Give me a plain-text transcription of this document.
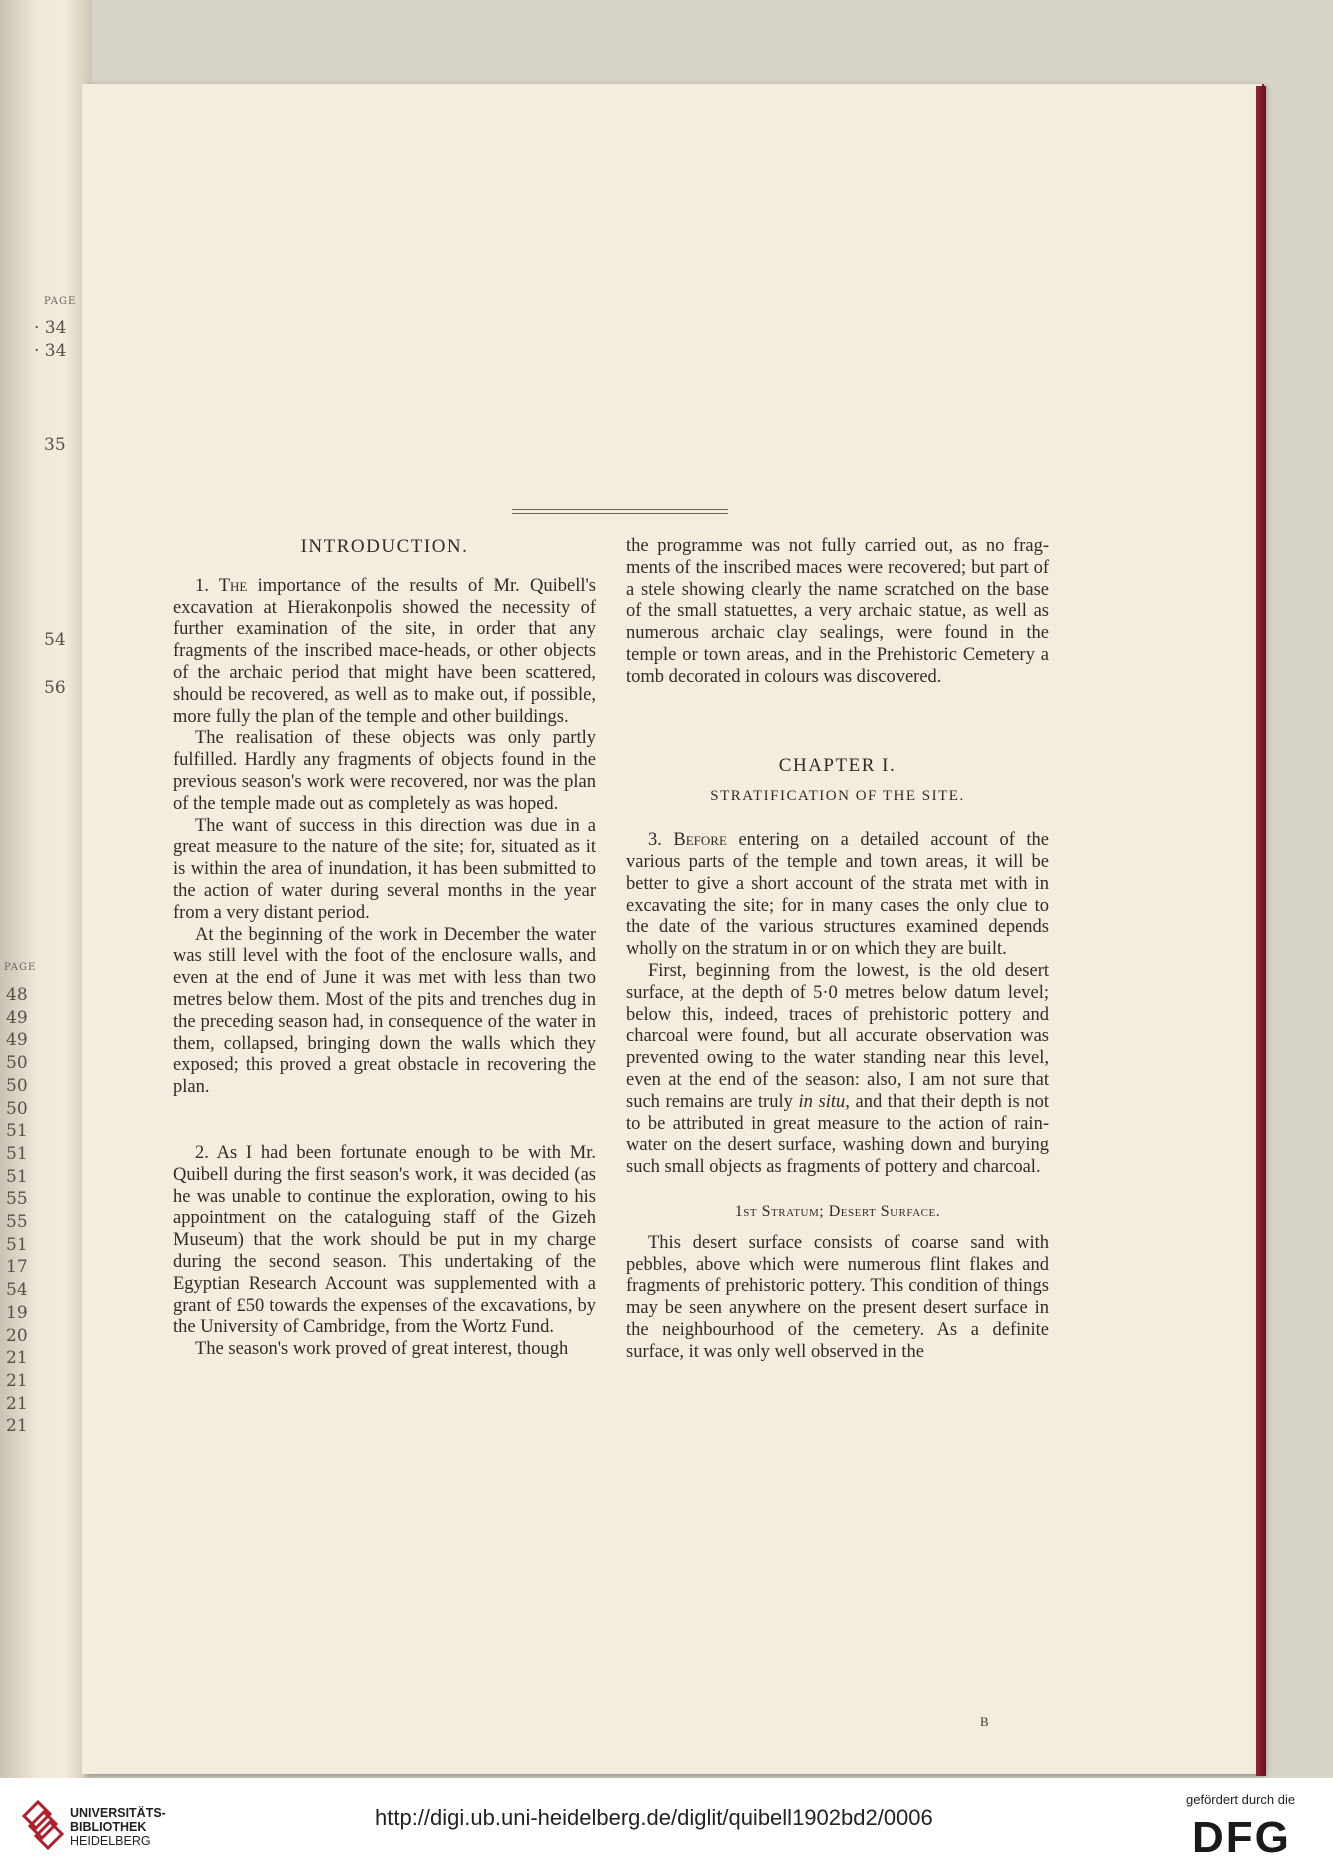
PAGE
· 34
· 34
35
54
56
PAGE
48
49
49
50
50
50
51
51
51
55
55
51
17
54
19
20
21
21
21
21

INTRODUCTION.

1. The importance of the results of Mr. Quibell's excavation at Hierakonpolis showed the necessity of further examination of the site, in order that any fragments of the inscribed mace-heads, or other objects of the archaic period that might have been scattered, should be recovered, as well as to make out, if possible, more fully the plan of the temple and other buildings.

The realisation of these objects was only partly fulfilled. Hardly any fragments of objects found in the previous season's work were recovered, nor was the plan of the temple made out as completely as was hoped.

The want of success in this direction was due in a great measure to the nature of the site; for, situated as it is within the area of inundation, it has been submitted to the action of water during several months in the year from a very distant period.

At the beginning of the work in December the water was still level with the foot of the enclosure walls, and even at the end of June it was met with less than two metres below them. Most of the pits and trenches dug in the preceding season had, in consequence of the water in them, collapsed, bringing down the walls which they exposed; this proved a great obstacle in recovering the plan.

2. As I had been fortunate enough to be with Mr. Quibell during the first season's work, it was decided (as he was unable to continue the exploration, owing to his appointment on the cataloguing staff of the Gizeh Museum) that the work should be put in my charge during the second season. This undertaking of the Egyptian Research Account was supplemented with a grant of £50 towards the expenses of the excavations, by the University of Cambridge, from the Wortz Fund.

The season's work proved of great interest, though

the programme was not fully carried out, as no fragments of the inscribed maces were recovered; but part of a stele showing clearly the name scratched on the base of the small statuettes, a very archaic statue, as well as numerous archaic clay sealings, were found in the temple or town areas, and in the Prehistoric Cemetery a tomb decorated in colours was discovered.

CHAPTER I.

STRATIFICATION OF THE SITE.

3. Before entering on a detailed account of the various parts of the temple and town areas, it will be better to give a short account of the strata met with in excavating the site; for in many cases the only clue to the date of the various structures examined depends wholly on the stratum in or on which they are built.

First, beginning from the lowest, is the old desert surface, at the depth of 5·0 metres below datum level; below this, indeed, traces of prehistoric pottery and charcoal were found, but all accurate observation was prevented owing to the water standing near this level, even at the end of the season: also, I am not sure that such remains are truly in situ, and that their depth is not to be attributed in great measure to the action of rain-water on the desert surface, washing down and burying such small objects as fragments of pottery and charcoal.

1st Stratum; Desert Surface.

This desert surface consists of coarse sand with pebbles, above which were numerous flint flakes and fragments of prehistoric pottery. This condition of things may be seen anywhere on the present desert surface in the neighbourhood of the cemetery. As a definite surface, it was only well observed in the

B
UNIVERSITÄTS-
BIBLIOTHEK
HEIDELBERG
http://digi.ub.uni-heidelberg.de/diglit/quibell1902bd2/0006
gefördert durch die
DFG
